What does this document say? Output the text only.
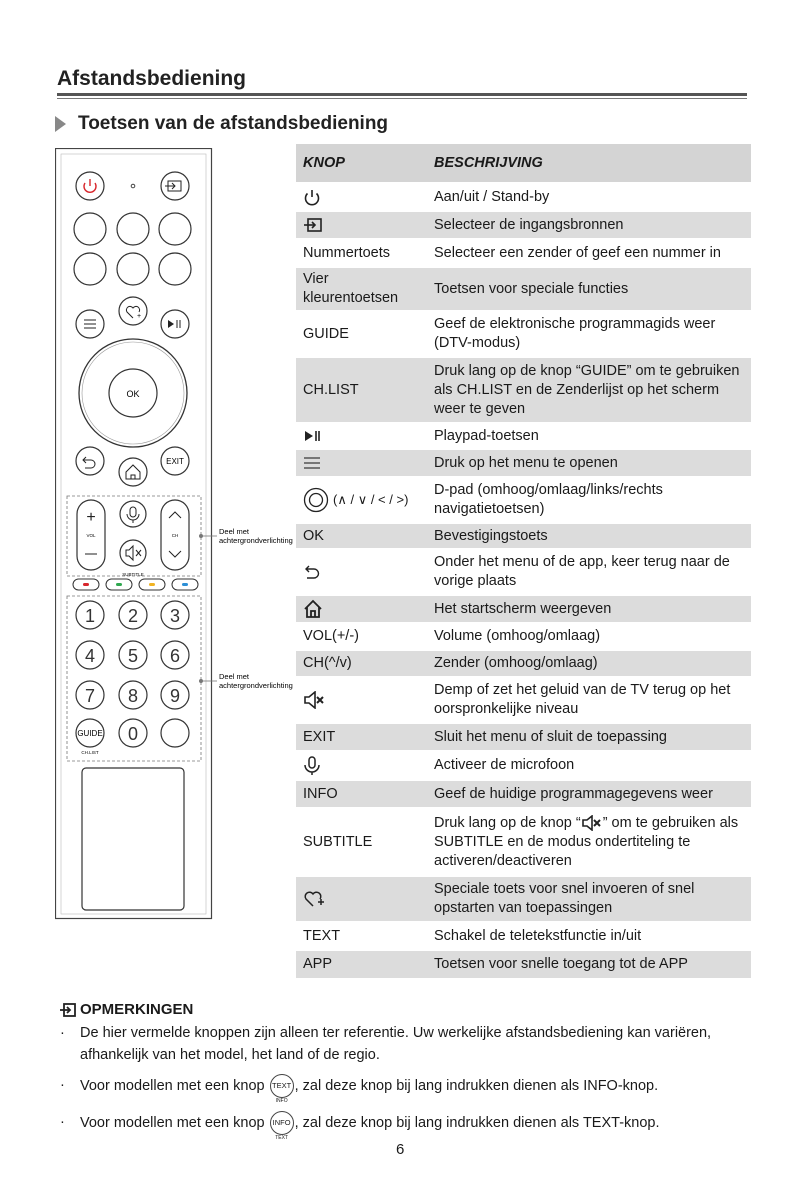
Afstandsbediening
Toetsen van de afstandsbediening
+
OK
EXIT
+
VOL
SUBTITLE
CH
1 2 3
4 5 6
7 8 9
0
GUIDE
CH.LIST
Deel met
achtergrondverlichting
Deel met
achtergrondverlichting
KNOP	BESCHRIJVING
	Aan/uit / Stand-by
	Selecteer de ingangsbronnen
Nummertoets	Selecteer een zender of geef een nummer in
Vier kleurentoetsen	Toetsen voor speciale functies
GUIDE	Geef de elektronische programmagids weer (DTV-modus)
CH.LIST	Druk lang op de knop “GUIDE” om te gebruiken als CH.LIST en de Zenderlijst op het scherm weer te geven
	Playpad-toetsen
	Druk op het menu te openen
(∧ / ∨ / < / >)	D-pad (omhoog/omlaag/links/rechts navigatietoetsen)
OK	Bevestigingstoets
	Onder het menu of de app, keer terug naar de vorige plaats
	Het startscherm weergeven
VOL(+/-)	Volume (omhoog/omlaag)
CH(^/v)	Zender (omhoog/omlaag)
	Demp of zet het geluid van de TV terug op het oorspronkelijke niveau
EXIT	Sluit het menu of sluit de toepassing
	Activeer de microfoon
INFO	Geef de huidige programmagegevens weer
SUBTITLE	Druk lang op de knop “ ” om te gebruiken als SUBTITLE en de modus ondertiteling te activeren/deactiveren
	Speciale toets voor snel invoeren of snel opstarten van toepassingen
TEXT	Schakel de teletekstfunctie in/uit
APP	Toetsen voor snelle toegang tot de APP
OPMERKINGEN
· De hier vermelde knoppen zijn alleen ter referentie. Uw werkelijke afstandsbediening kan variëren, afhankelijk van het model, het land of de regio.
· Voor modellen met een knop TEXT
INFO
, zal deze knop bij lang indrukken dienen als INFO-knop.
· Voor modellen met een knop INFO
TEXT
, zal deze knop bij lang indrukken dienen als TEXT-knop.
6
